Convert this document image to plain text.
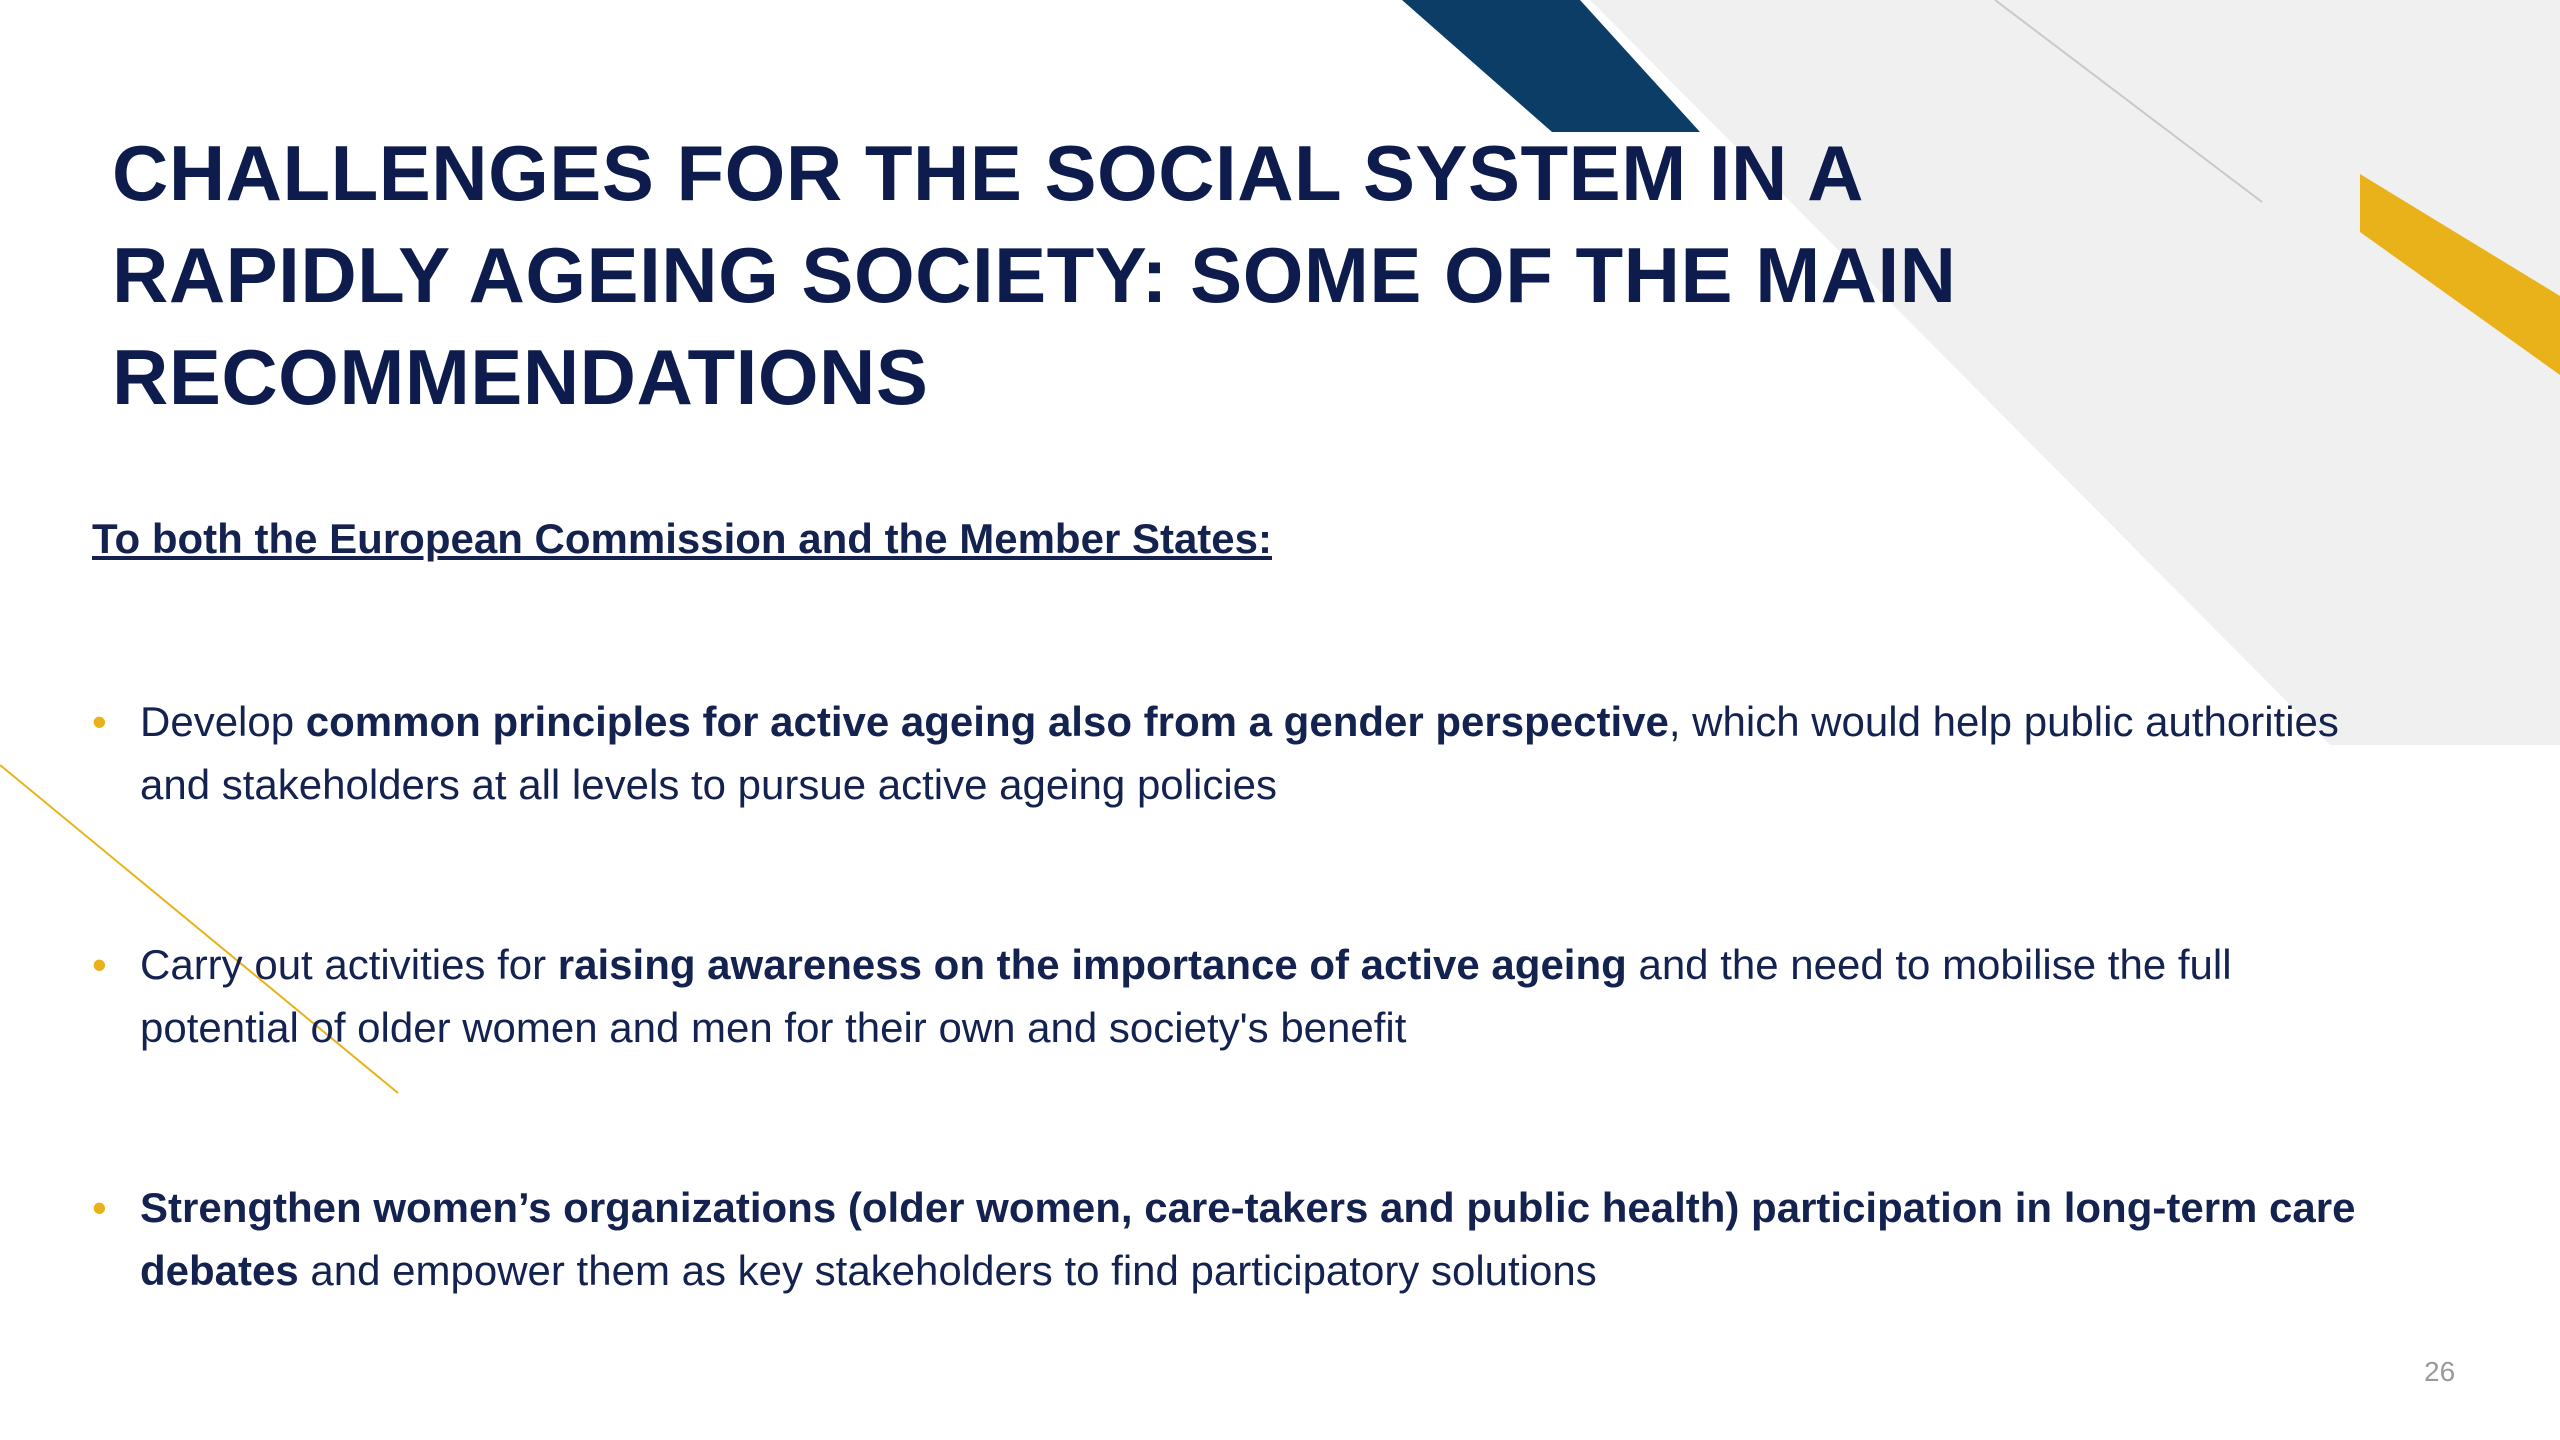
CHALLENGES FOR THE SOCIAL SYSTEM IN A RAPIDLY AGEING SOCIETY: SOME OF THE MAIN RECOMMENDATIONS

To both the European Commission and the Member States:

• Develop common principles for active ageing also from a gender perspective, which would help public authorities and stakeholders at all levels to pursue active ageing policies
• Carry out activities for raising awareness on the importance of active ageing and the need to mobilise the full potential of older women and men for their own and society's benefit
• Strengthen women’s organizations (older women, care-takers and public health) participation in long-term care debates and empower them as key stakeholders to find participatory solutions
26
